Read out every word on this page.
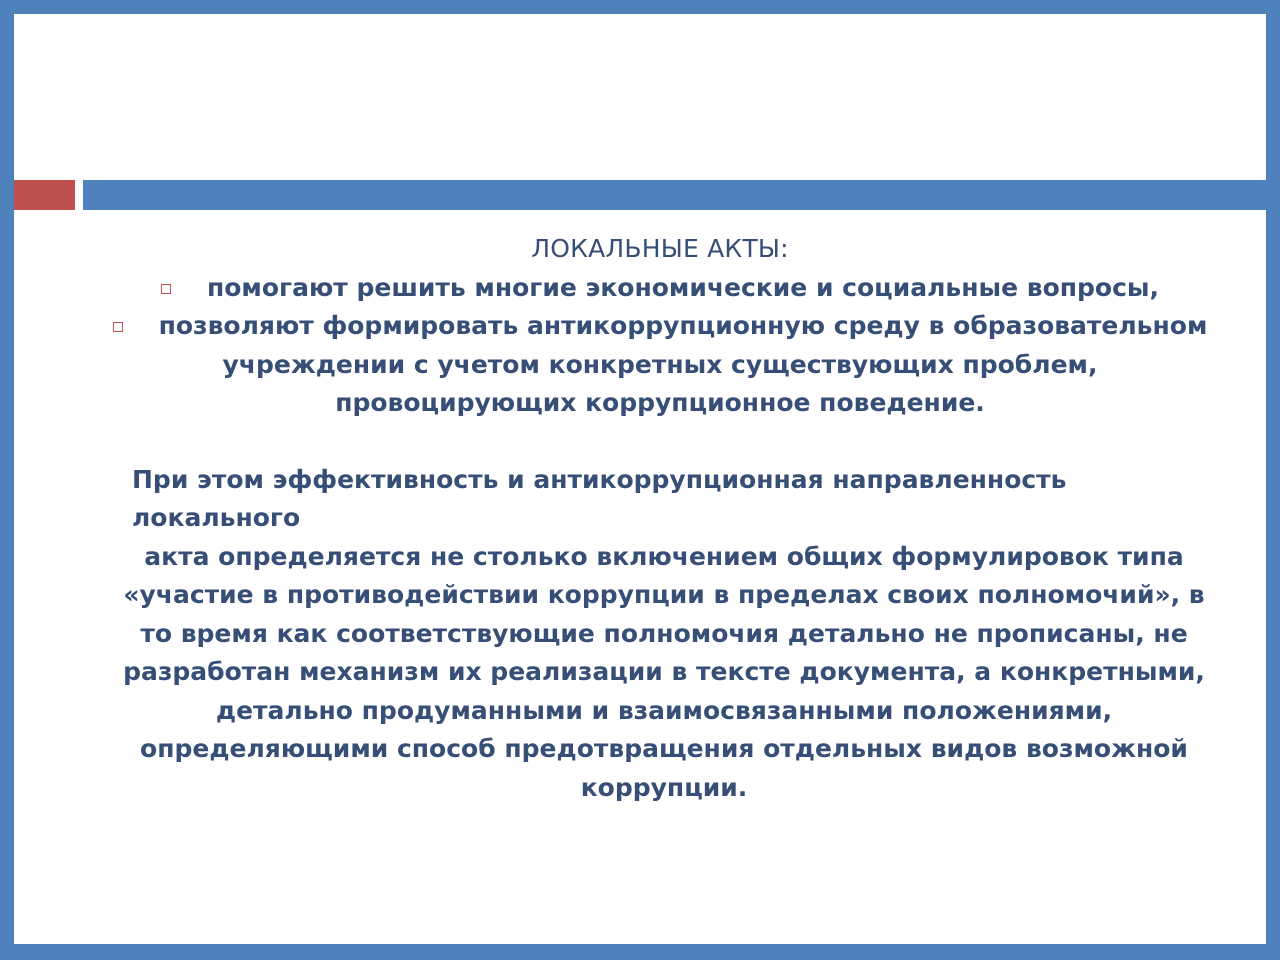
ЛОКАЛЬНЫЕ АКТЫ:

помогают решить многие экономические и социальные вопросы,

позволяют формировать антикоррупционную среду в образовательном учреждении с учетом конкретных существующих проблем, провоцирующих коррупционное поведение.

При этом эффективность и антикоррупционная направленность локального
акта определяется не столько включением общих формулировок типа «участие в противодействии коррупции в пределах своих полномочий», в то время как соответствующие полномочия детально не прописаны, не разработан механизм их реализации в тексте документа, а конкретными, детально продуманными и взаимосвязанными положениями, определяющими способ предотвращения отдельных видов возможной коррупции.
